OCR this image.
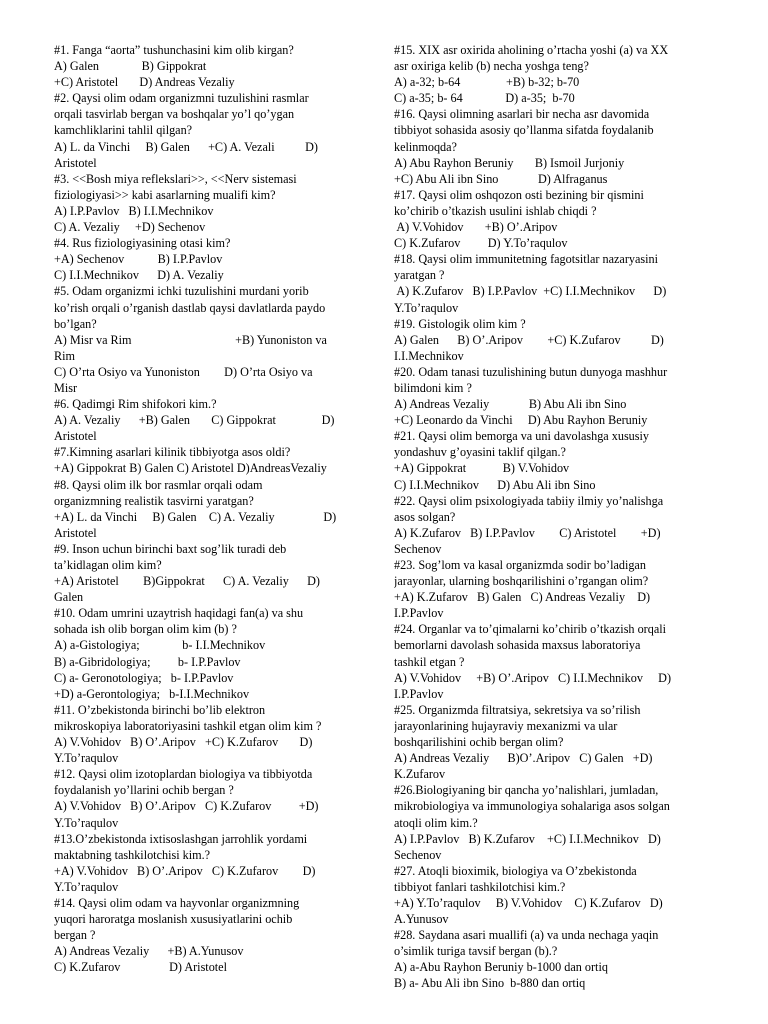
#1. Fanga “aorta” tushunchasini kim olib kirgan?
A) Galen              B) Gippokrat
+C) Aristotel       D) Andreas Vezaliy
#2. Qaysi olim odam organizmni tuzulishini rasmlar
orqali tasvirlab bergan va boshqalar yo’l qo’ygan
kamchliklarini tahlil qilgan?
A) L. da Vinchi     B) Galen      +C) A. Vezali          D)
Aristotel
#3. <<Bosh miya reflekslari>>, <<Nerv sistemasi
fiziologiyasi>> kabi asarlarning mualifi kim?
A) I.P.Pavlov   B) I.I.Mechnikov
C) A. Vezaliy     +D) Sechenov
#4. Rus fiziologiyasining otasi kim?
+A) Sechenov           B) I.P.Pavlov
C) I.I.Mechnikov      D) A. Vezaliy
#5. Odam organizmi ichki tuzulishini murdani yorib
ko’rish orqali o’rganish dastlab qaysi davlatlarda paydo
bo’lgan?
A) Misr va Rim                                  +B) Yunoniston va
Rim
C) O’rta Osiyo va Yunoniston        D) O’rta Osiyo va
Misr
#6. Qadimgi Rim shifokori kim.?
A) A. Vezaliy      +B) Galen       C) Gippokrat               D)
Aristotel
#7.Kimning asarlari kilinik tibbiyotga asos oldi?
+A) Gippokrat B) Galen C) Aristotel D)AndreasVezaliy
#8. Qaysi olim ilk bor rasmlar orqali odam
organizmning realistik tasvirni yaratgan?
+A) L. da Vinchi     B) Galen    C) A. Vezaliy                D)
Aristotel
#9. Inson uchun birinchi baxt sog’lik turadi deb
ta’kidlagan olim kim?
+A) Aristotel        B)Gippokrat      C) A. Vezaliy      D)
Galen
#10. Odam umrini uzaytrish haqidagi fan(a) va shu
sohada ish olib borgan olim kim (b) ?
A) a-Gistologiya;              b- I.I.Mechnikov
B) a-Gibridologiya;         b- I.P.Pavlov
C) a- Geronotologiya;   b- I.P.Pavlov
+D) a-Gerontologiya;   b-I.I.Mechnikov
#11. O’zbekistonda birinchi bo’lib elektron
mikroskopiya laboratoriyasini tashkil etgan olim kim ?
A) V.Vohidov   B) O’.Aripov   +C) K.Zufarov       D)
Y.To’raqulov
#12. Qaysi olim izotoplardan biologiya va tibbiyotda
foydalanish yo’llarini ochib bergan ?
A) V.Vohidov   B) O’.Aripov   C) K.Zufarov         +D)
Y.To’raqulov
#13.O’zbekistonda ixtisoslashgan jarrohlik yordami
maktabning tashkilotchisi kim.?
+A) V.Vohidov   B) O’.Aripov   C) K.Zufarov        D)
Y.To’raqulov
#14. Qaysi olim odam va hayvonlar organizmning
yuqori haroratga moslanish xususiyatlarini ochib
bergan ?
A) Andreas Vezaliy      +B) A.Yunusov
C) K.Zufarov                D) Aristotel
#15. XIX asr oxirida aholining o’rtacha yoshi (a) va XX
asr oxiriga kelib (b) necha yoshga teng?
A) a-32; b-64               +B) b-32; b-70
C) a-35; b- 64              D) a-35;  b-70
#16. Qaysi olimning asarlari bir necha asr davomida
tibbiyot sohasida asosiy qo’llanma sifatda foydalanib
kelinmoqda?
A) Abu Rayhon Beruniy       B) Ismoil Jurjoniy
+C) Abu Ali ibn Sino             D) Alfraganus
#17. Qaysi olim oshqozon osti bezining bir qismini
ko’chirib o’tkazish usulini ishlab chiqdi ?
A) V.Vohidov       +B) O’.Aripov
C) K.Zufarov         D) Y.To’raqulov
#18. Qaysi olim immunitetning fagotsitlar nazaryasini
yaratgan ?
A) K.Zufarov   B) I.P.Pavlov  +C) I.I.Mechnikov      D)
Y.To’raqulov
#19. Gistologik olim kim ?
A) Galen      B) O’.Aripov        +C) K.Zufarov          D)
I.I.Mechnikov
#20. Odam tanasi tuzulishining butun dunyoga mashhur
bilimdoni kim ?
A) Andreas Vezaliy             B) Abu Ali ibn Sino
+C) Leonardo da Vinchi     D) Abu Rayhon Beruniy
#21. Qaysi olim bemorga va uni davolashga xususiy
yondashuv g’oyasini taklif qilgan.?
+A) Gippokrat            B) V.Vohidov
C) I.I.Mechnikov      D) Abu Ali ibn Sino
#22. Qaysi olim psixologiyada tabiiy ilmiy yo’nalishga
asos solgan?
A) K.Zufarov   B) I.P.Pavlov        C) Aristotel        +D)
Sechenov
#23. Sog’lom va kasal organizmda sodir bo’ladigan
jarayonlar, ularning boshqarilishini o’rgangan olim?
+A) K.Zufarov   B) Galen   C) Andreas Vezaliy    D)
I.P.Pavlov
#24. Organlar va to’qimalarni ko’chirib o’tkazish orqali
bemorlarni davolash sohasida maxsus laboratoriya
tashkil etgan ?
A) V.Vohidov     +B) O’.Aripov   C) I.I.Mechnikov     D)
I.P.Pavlov
#25. Organizmda filtratsiya, sekretsiya va so’rilish
jarayonlarining hujayraviy mexanizmi va ular
boshqarilishini ochib bergan olim?
A) Andreas Vezaliy      B)O’.Aripov   C) Galen   +D)
K.Zufarov
#26.Biologiyaning bir qancha yo’nalishlari, jumladan,
mikrobiologiya va immunologiya sohalariga asos solgan
atoqli olim kim.?
A) I.P.Pavlov   B) K.Zufarov    +C) I.I.Mechnikov   D)
Sechenov
#27. Atoqli bioximik, biologiya va O’zbekistonda
tibbiyot fanlari tashkilotchisi kim.?
+A) Y.To’raqulov     B) V.Vohidov    C) K.Zufarov   D)
A.Yunusov
#28. Saydana asari muallifi (a) va unda nechaga yaqin
o’simlik turiga tavsif bergan (b).?
A) a-Abu Rayhon Beruniy b-1000 dan ortiq
B) a- Abu Ali ibn Sino  b-880 dan ortiq
